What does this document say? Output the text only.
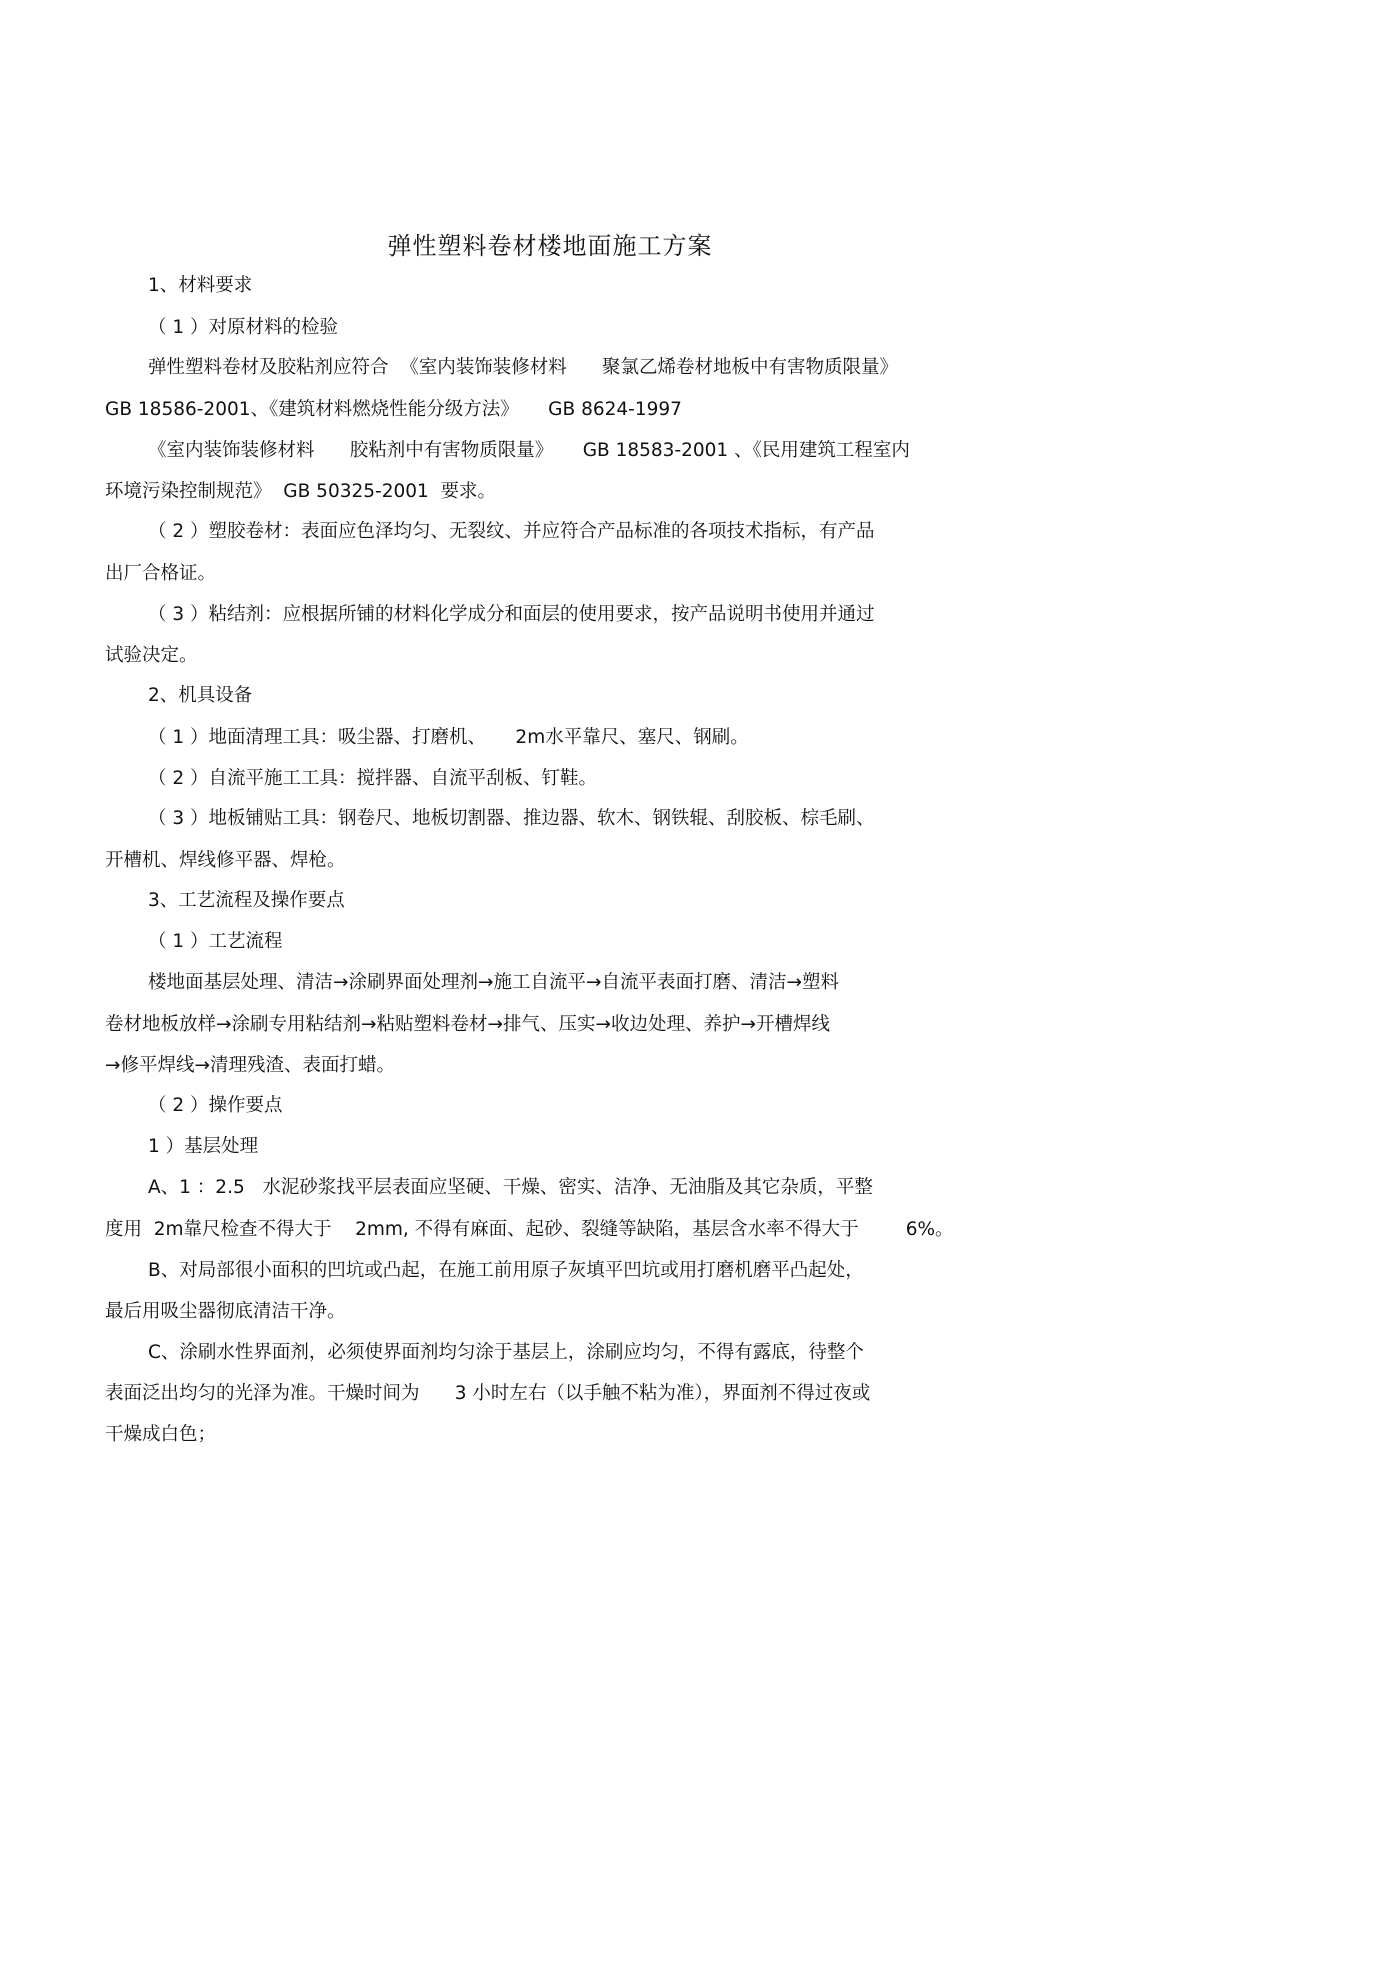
弹性塑料卷材楼地面施工方案
1、材料要求
（ 1 ）对原材料的检验
弹性塑料卷材及胶粘剂应符合  《室内装饰装修材料      聚氯乙烯卷材地板中有害物质限量》
GB 18586-2001、《建筑材料燃烧性能分级方法》     GB 8624-1997
《室内装饰装修材料      胶粘剂中有害物质限量》     GB 18583-2001 、《民用建筑工程室内
环境污染控制规范》  GB 50325-2001  要求。
（ 2 ）塑胶卷材：表面应色泽均匀、无裂纹、并应符合产品标准的各项技术指标，有产品
出厂合格证。
（ 3 ）粘结剂：应根据所铺的材料化学成分和面层的使用要求，按产品说明书使用并通过
试验决定。
2、机具设备
（ 1 ）地面清理工具：吸尘器、打磨机、     2m水平靠尺、塞尺、钢刷。
（ 2 ）自流平施工工具：搅拌器、自流平刮板、钉鞋。
（ 3 ）地板铺贴工具：钢卷尺、地板切割器、推边器、软木、钢铁辊、刮胶板、棕毛刷、
开槽机、焊线修平器、焊枪。
3、工艺流程及操作要点
（ 1 ）工艺流程
楼地面基层处理、清洁→涂刷界面处理剂→施工自流平→自流平表面打磨、清洁→塑料
卷材地板放样→涂刷专用粘结剂→粘贴塑料卷材→排气、压实→收边处理、养护→开槽焊线
→修平焊线→清理残渣、表面打蜡。
（ 2 ）操作要点
1 ）基层处理
A、1 ：2.5   水泥砂浆找平层表面应坚硬、干燥、密实、洁净、无油脂及其它杂质，平整
度用  2m靠尺检查不得大于    2mm, 不得有麻面、起砂、裂缝等缺陷，基层含水率不得大于        6%。
B、对局部很小面积的凹坑或凸起，在施工前用原子灰填平凹坑或用打磨机磨平凸起处，
最后用吸尘器彻底清洁干净。
C、涂刷水性界面剂，必须使界面剂均匀涂于基层上，涂刷应均匀，不得有露底，待整个
表面泛出均匀的光泽为准。干燥时间为      3 小时左右（以手触不粘为准），界面剂不得过夜或
干燥成白色；
